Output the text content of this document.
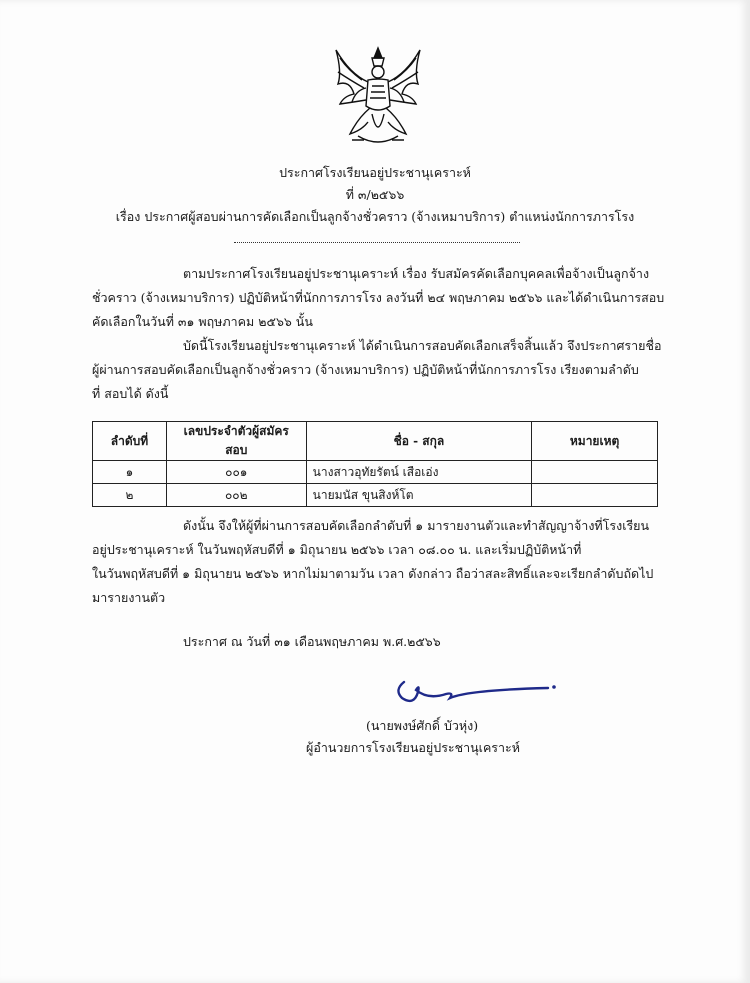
ประกาศโรงเรียนอยู่ประชานุเคราะห์
ที่ ๓/๒๕๖๖
เรื่อง ประกาศผู้สอบผ่านการคัดเลือกเป็นลูกจ้างชั่วคราว (จ้างเหมาบริการ) ตำแหน่งนักการภารโรง
ตามประกาศโรงเรียนอยู่ประชานุเคราะห์ เรื่อง รับสมัครคัดเลือกบุคคลเพื่อจ้างเป็นลูกจ้าง
ชั่วคราว (จ้างเหมาบริการ) ปฏิบัติหน้าที่นักการภารโรง ลงวันที่ ๒๔ พฤษภาคม ๒๕๖๖ และได้ดำเนินการสอบ
คัดเลือกในวันที่ ๓๑ พฤษภาคม ๒๕๖๖ นั้น
บัดนี้โรงเรียนอยู่ประชานุเคราะห์ ได้ดำเนินการสอบคัดเลือกเสร็จสิ้นแล้ว จึงประกาศรายชื่อ
ผู้ผ่านการสอบคัดเลือกเป็นลูกจ้างชั่วคราว (จ้างเหมาบริการ) ปฏิบัติหน้าที่นักการภารโรง เรียงตามลำดับ
ที่ สอบได้ ดังนี้
ลำดับที่	เลขประจำตัวผู้สมัครสอบ	ชื่อ - สกุล	หมายเหตุ
๑	๐๐๑	นางสาวอุทัยรัตน์ เสือเอ่ง	
๒	๐๐๒	นายมนัส ขุนสิงห์โต	
ดังนั้น จึงให้ผู้ที่ผ่านการสอบคัดเลือกลำดับที่ ๑ มารายงานตัวและทำสัญญาจ้างที่โรงเรียน
อยู่ประชานุเคราะห์ ในวันพฤหัสบดีที่ ๑ มิถุนายน ๒๕๖๖ เวลา ๐๘.๐๐ น. และเริ่มปฏิบัติหน้าที่
ในวันพฤหัสบดีที่ ๑ มิถุนายน ๒๕๖๖ หากไม่มาตามวัน เวลา ดังกล่าว ถือว่าสละสิทธิ์และจะเรียกลำดับถัดไป
มารายงานตัว
ประกาศ ณ วันที่ ๓๑ เดือนพฤษภาคม พ.ศ.๒๕๖๖
(นายพงษ์ศักดิ์ บัวหุ่ง)
ผู้อำนวยการโรงเรียนอยู่ประชานุเคราะห์
